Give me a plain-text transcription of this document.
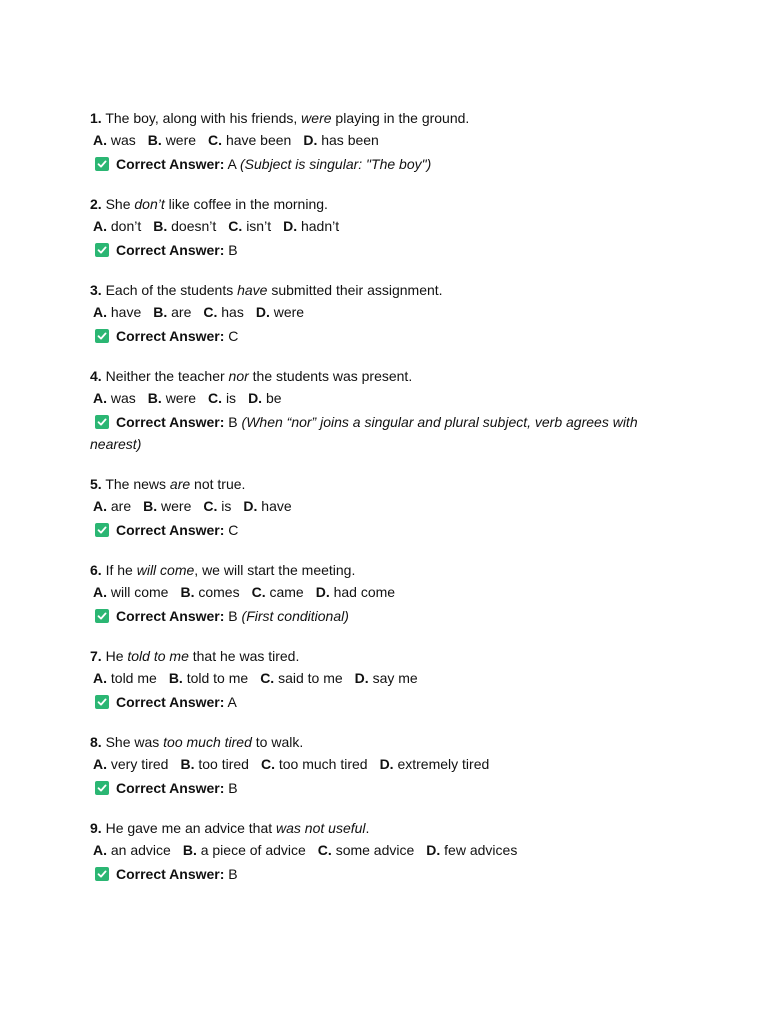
1. The boy, along with his friends, were playing in the ground.
A. was B. were C. have been D. has been
Correct Answer: A (Subject is singular: "The boy")
2. She don’t like coffee in the morning.
A. don’t B. doesn’t C. isn’t D. hadn’t
Correct Answer: B
3. Each of the students have submitted their assignment.
A. have B. are C. has D. were
Correct Answer: C
4. Neither the teacher nor the students was present.
A. was B. were C. is D. be
Correct Answer: B (When “nor” joins a singular and plural subject, verb agrees with
nearest)
5. The news are not true.
A. are B. were C. is D. have
Correct Answer: C
6. If he will come, we will start the meeting.
A. will come B. comes C. came D. had come
Correct Answer: B (First conditional)
7. He told to me that he was tired.
A. told me B. told to me C. said to me D. say me
Correct Answer: A
8. She was too much tired to walk.
A. very tired B. too tired C. too much tired D. extremely tired
Correct Answer: B
9. He gave me an advice that was not useful.
A. an advice B. a piece of advice C. some advice D. few advices
Correct Answer: B
